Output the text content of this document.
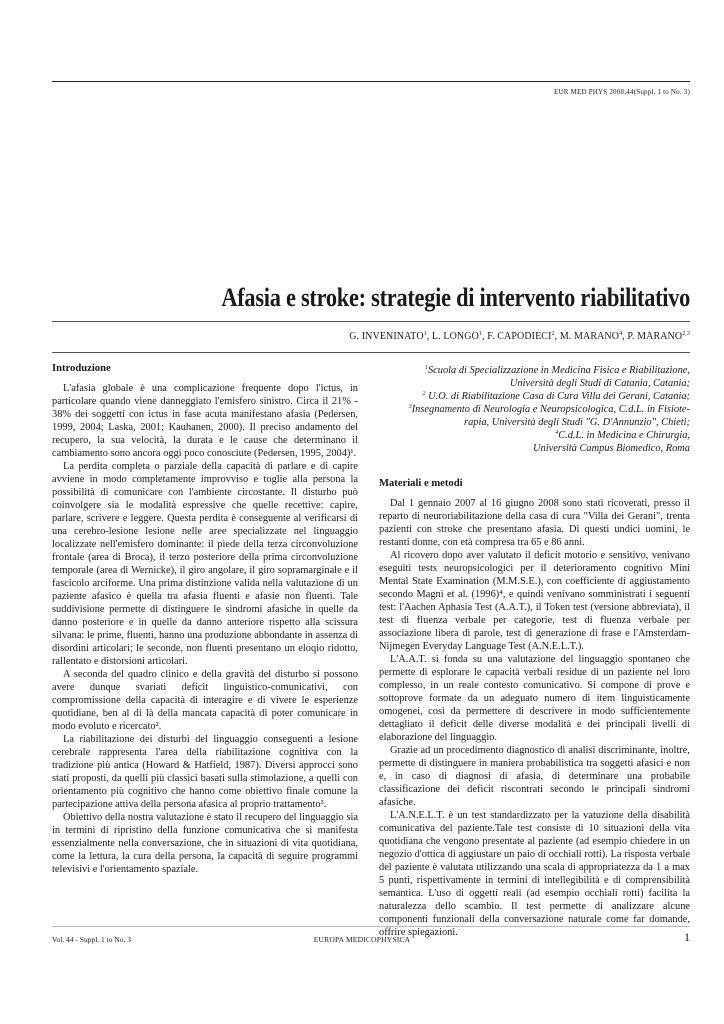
EUR MED PHYS 2008;44(Suppl. 1 to No. 3)
Afasia e stroke: strategie di intervento riabilitativo
G. INVENINATO$^1$, L. LONGO$^1$, F. CAPODIECI$^2$, M. MARANO$^4$, P. MARANO$^{2,3}$
Introduzione

L'afasia globale è una complicazione frequente dopo l'ictus, in particolare quando viene danneggiato l'emisfero sinistro. Circa il 21% - 38% dei soggetti con ictus in fase acuta manifestano afasia (Pedersen, 1999, 2004; Laska, 2001; Kauhanen, 2000). Il preciso andamento del recupero, la sua velocità, la durata e le cause che determinano il cambiamento sono ancora oggi poco conosciute (Pedersen, 1995, 2004)¹.

La perdita completa o parziale della capacità di parlare e di capire avviene in modo completamente improvviso e toglie alla persona la possibilità di comunicare con l'ambiente circostante. Il disturbo può coinvolgere sia le modalità espressive che quelle recettive: capire, parlare, scrivere e leggere. Questa perdita è conseguente al verificarsi di una cerebro-lesione lesione nelle aree specializzate nel linguaggio localizzate nell'emisfero dominante: il piede della terza circonvoluzione frontale (area di Broca), il terzo posteriore della prima circonvoluzione temporale (area di Wernicke), il giro angolare, il giro sopramarginale e il fascicolo arciforme. Una prima distinzione valida nella valutazione di un paziente afasico è quella tra afasia fluenti e afasie non fluenti. Tale suddivisione permette di distinguere le sindromi afasiche in quelle da danno posteriore e in quelle da danno anteriore rispetto alla scissura silvana: le prime, fluenti, hanno una produzione abbondante in assenza di disordini articolari; le seconde, non fluenti presentano un eloqio ridotto, rallentato e distorsioni articolari.

A seconda del quadro clinico e della gravità del disturbo si possono avere dunque svariati deficit linguistico-comunicativi, con compromissione della capacità di interagire e di vivere le esperienze quotidiane, ben al di là della mancata capacità di poter comunicare in modo evoluto e ricercato².

La riabilitazione dei disturbi del linguaggio conseguenti a lesione cerebrale rappresenta l'area della riabilitazione cognitiva con la tradizione più antica (Howard & Hatfield, 1987). Diversi approcci sono stati proposti, da quelli più classici basati sulla stimolazione, a quelli con orientamento più cognitivo che hanno come obiettivo finale comune la partecipazione attiva della persona afasica al proprio trattamento³.

Obiettivo della nostra valutazione è stato il recupero del linguaggio sia in termini di ripristino della funzione comunicativa che si manifesta essenzialmente nella conversazione, che in situazioni di vita quotidiana, come la lettura, la cura della persona, la capacità di seguire programmi televisivi e l'orientamento spaziale.

$^1$Scuola di Specializzazione in Medicina Fisica e Riabilitazione,
Università degli Studi di Catania, Catania;
$^2$ U.O. di Riabilitazione Casa di Cura Villa dei Gerani, Catania;
$^3$Insegnamento di Neurologia e Neuropsicologica, C.d.L. in Fisiote-
rapia, Università degli Studi "G. D'Annunzio", Chieti;
$^4$C.d.L. in Medicina e Chirurgia,
Università Campus Biomedico, Roma
Materiali e metodi

Dal 1 gennaio 2007 al 16 giugno 2008 sono stati ricoverati, presso il reparto di neuroriabilitazione della casa di cura "Villa dei Gerani", trenta pazienti con stroke che presentano afasia. Di questi undici uomini, le restanti donne, con età compresa tra 65 e 86 anni.

Al ricovero dopo aver valutato il deficit motorio e sensitivo, venivano eseguiti tests neuropsicologici per il deterioramento cognitivo Mini Mental State Examination (M.M.S.E.), con coefficiente di aggiustamento secondo Magni et al. (1996)⁴, e quindi venivano somministrati i seguenti test: l'Aachen Aphasia Test (A.A.T.), il Token test (versione abbreviata), il test di fluenza verbale per categorie, test di fluenza verbale per associazione libera di parole, test di generazione di frase e l'Amsterdam-Nijmegen Everyday Language Test (A.N.E.L.T.).

L'A.A.T. si fonda su una valutazione del linguaggio spontaneo che permette di esplorare le capacità verbali residue di un paziente nel loro complesso, in un reale contesto comunicativo. Si compone di prove e sottoprove formate da un adeguato numero di item linguisticamente omogenei, così da permettere di descrivere in modo sufficientemente dettagliato il deficit delle diverse modalità e dei principali livelli di elaborazione del linguaggio.

Grazie ad un procedimento diagnostico di analisi discriminante, inoltre, permette di distinguere in maniera probabilistica tra soggetti afasici e non e, in caso di diagnosi di afasia, di determinare una probabile classificazione dei deficit riscontrati secondo le principali sindromi afasiche.

L'A.N.E.L.T. è un test standardizzato per la vatuzione della disabilità comunicativa del paziente.Tale test consiste di 10 situazioni della vita quotidiana che vengono presentate al paziente (ad esempio chiedere in un negozio d'ottica di aggiustare un paio di occhiali rotti). La risposta verbale del paziente è valutata utilizzando una scala di appropriatezza da 1 a max 5 punti, rispettivamente in termini di intellegibilità e di comprensibilità semantica. L'uso di oggetti reali (ad esempio occhiali rotti) facilita la naturalezza dello scambio. Il test permette di analizzare alcune componenti funzionali della conversazione naturale come far domande, offrire spiegazioni.

Vol. 44 - Suppl. 1 to No. 3	EUROPA MEDICOPHYSICA	1
